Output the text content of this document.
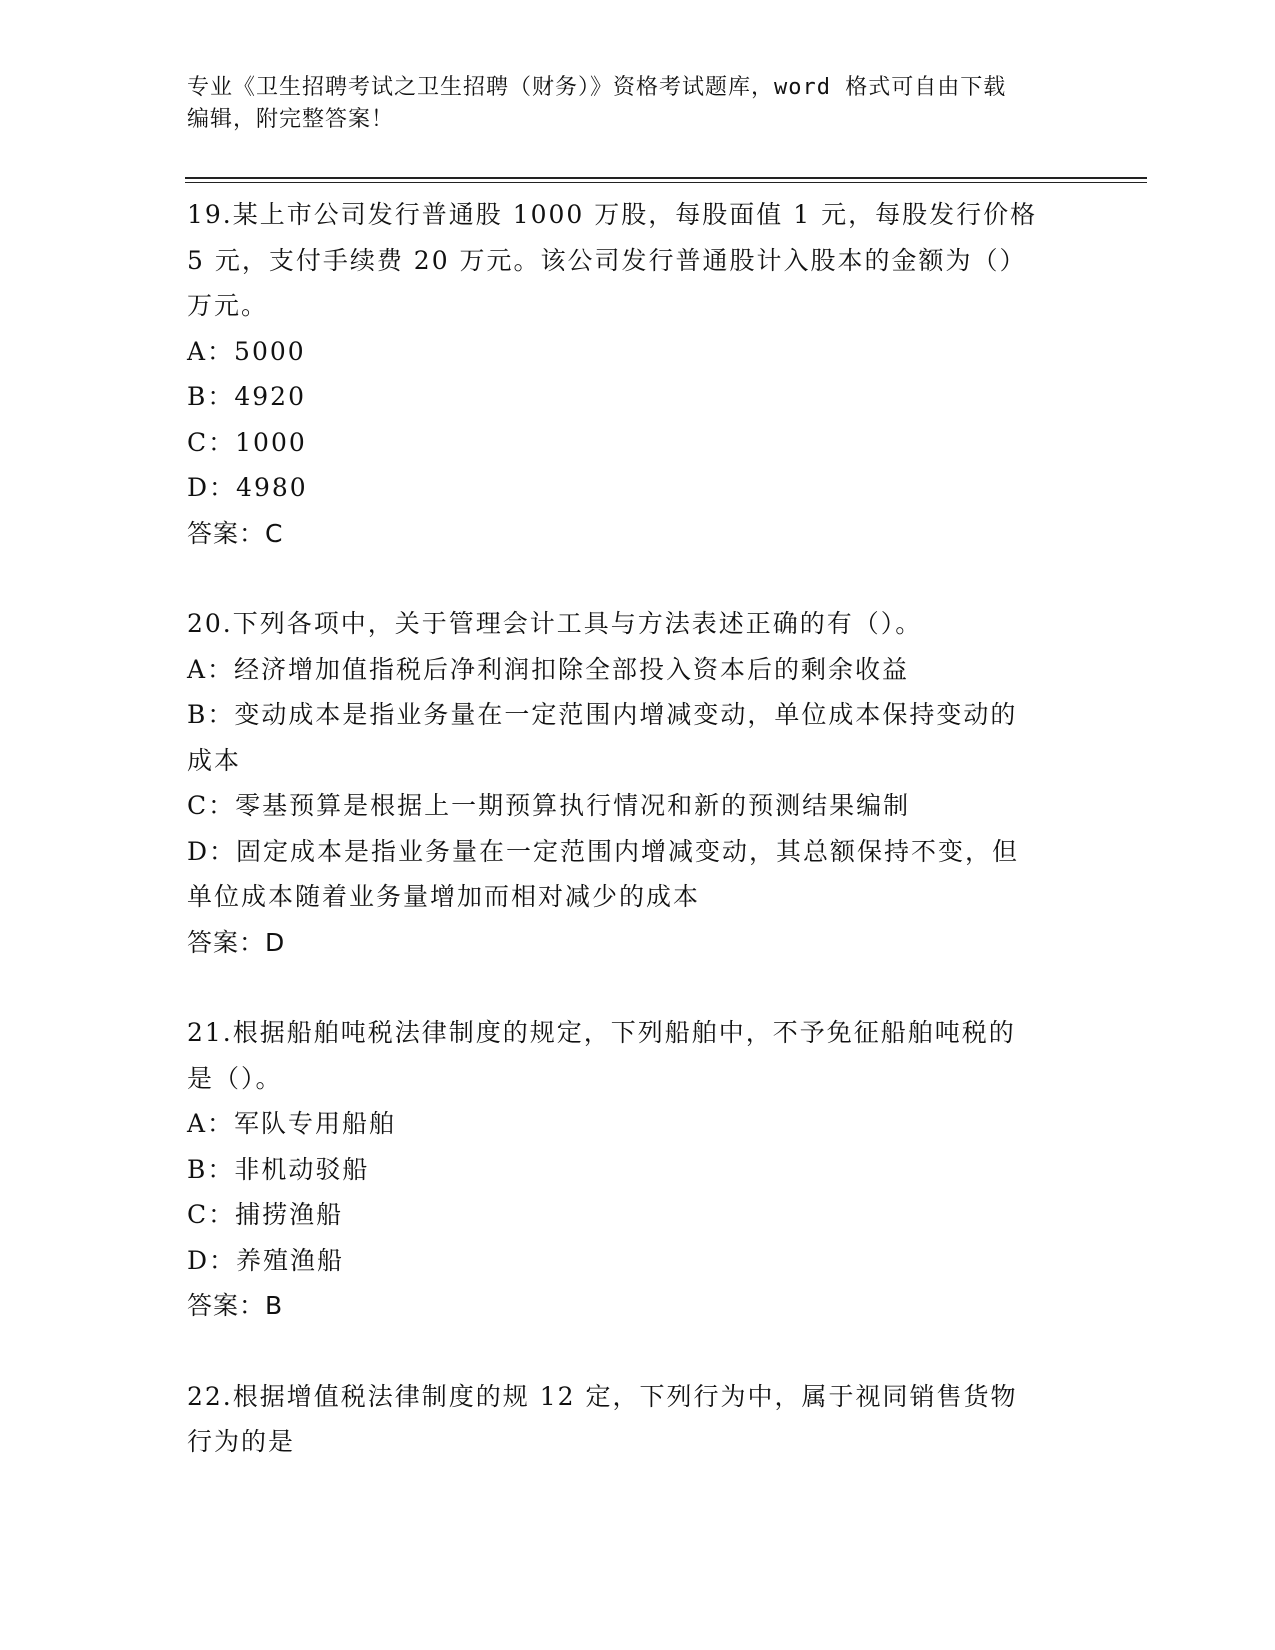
专业《卫生招聘考试之卫生招聘（财务）》资格考试题库，word 格式可自由下载
编辑，附完整答案！
19.某上市公司发行普通股 1000 万股，每股面值 1 元，每股发行价格
5 元，支付手续费 20 万元。该公司发行普通股计入股本的金额为（）
万元。
A：5000
B：4920
C：1000
D：4980
答案：C
20.下列各项中，关于管理会计工具与方法表述正确的有（）。
A：经济增加值指税后净利润扣除全部投入资本后的剩余收益
B：变动成本是指业务量在一定范围内增减变动，单位成本保持变动的
成本
C：零基预算是根据上一期预算执行情况和新的预测结果编制
D：固定成本是指业务量在一定范围内增减变动，其总额保持不变，但
单位成本随着业务量增加而相对减少的成本
答案：D
21.根据船舶吨税法律制度的规定，下列船舶中，不予免征船舶吨税的
是（）。
A：军队专用船舶
B：非机动驳船
C：捕捞渔船
D：养殖渔船
答案：B
22.根据增值税法律制度的规 12 定，下列行为中，属于视同销售货物
行为的是
